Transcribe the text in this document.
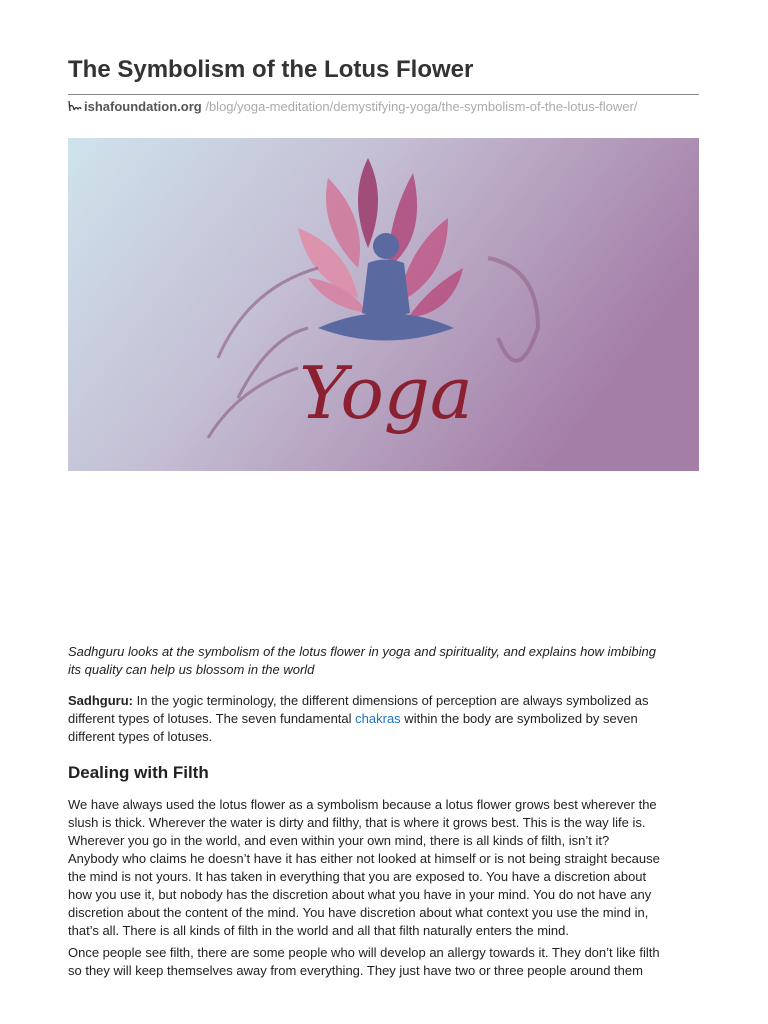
The Symbolism of the Lotus Flower
ishafoundation.org /blog/yoga-meditation/demystifying-yoga/the-symbolism-of-the-lotus-flower/
Yoga
Sadhguru looks at the symbolism of the lotus flower in yoga and spirituality, and explains how imbibing
its quality can help us blossom in the world
Sadhguru: In the yogic terminology, the different dimensions of perception are always symbolized as
different types of lotuses. The seven fundamental chakras within the body are symbolized by seven
different types of lotuses.
Dealing with Filth
We have always used the lotus flower as a symbolism because a lotus flower grows best wherever the
slush is thick. Wherever the water is dirty and filthy, that is where it grows best. This is the way life is.
Wherever you go in the world, and even within your own mind, there is all kinds of filth, isn’t it?
Anybody who claims he doesn’t have it has either not looked at himself or is not being straight because
the mind is not yours. It has taken in everything that you are exposed to. You have a discretion about
how you use it, but nobody has the discretion about what you have in your mind. You do not have any
discretion about the content of the mind. You have discretion about what context you use the mind in,
that’s all. There is all kinds of filth in the world and all that filth naturally enters the mind.
Once people see filth, there are some people who will develop an allergy towards it. They don’t like filth
so they will keep themselves away from everything. They just have two or three people around them
